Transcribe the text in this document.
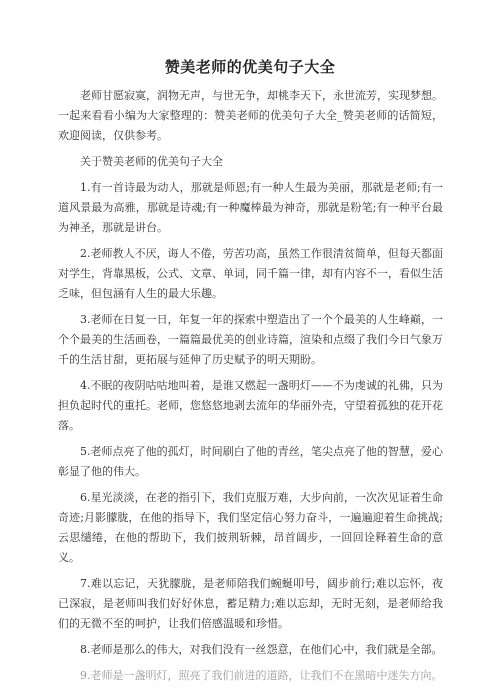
赞美老师的优美句子大全

老师甘愿寂寞，润物无声，与世无争，却桃李天下，永世流芳，实现梦想。一起来看看小编为大家整理的：赞美老师的优美句子大全_赞美老师的话简短，欢迎阅读，仅供参考。

关于赞美老师的优美句子大全

1.有一首诗最为动人，那就是师恩;有一种人生最为美丽，那就是老师;有一道风景最为高雅，那就是诗魂;有一种魔棒最为神奇，那就是粉笔;有一种平台最为神圣，那就是讲台。

2.老师教人不厌，诲人不倦，劳苦功高，虽然工作很清贫简单，但每天都面对学生，背靠黑板，公式、文章、单词，同千篇一律，却有内容不一，看似生活乏味，但包涵有人生的最大乐趣。

3.老师在日复一日，年复一年的探索中塑造出了一个个最美的人生峰巅，一个个最美的生活画卷，一篇篇最优美的创业诗篇，渲染和点缀了我们今日气象万千的生活甘甜，更拓展与延伸了历史赋予的明天期盼。

4.不眠的夜阴咕咕地叫着，是谁又燃起一盏明灯——不为虔诚的礼佛，只为担负起时代的重托。老师，您悠悠地剥去流年的华丽外壳，守望着孤独的花开花落。

5.老师点亮了他的孤灯，时间刷白了他的青丝，笔尖点亮了他的智慧，爱心彰显了他的伟大。

6.星光淡淡，在老的指引下，我们克服万难，大步向前，一次次见证着生命奇迹;月影朦胧，在他的指导下，我们坚定信心努力奋斗，一遍遍迎着生命挑战;云思缱绻，在他的帮助下，我们披荆斩棘，昂首阔步，一回回诠释着生命的意义。

7.难以忘记，天犹朦胧，是老师陪我们蜿蜒叩号，阔步前行;难以忘怀，夜已深寂，是老师叫我们好好休息，蓄足精力;难以忘却，无时无刻，是老师给我们的无微不至的呵护，让我们倍感温暖和珍惜。

8.老师是那么的伟大，对我们没有一丝怨意，在他们心中，我们就是全部。

9.老师是一盏明灯，照亮了我们前进的道路，让我们不在黑暗中迷失方向。
